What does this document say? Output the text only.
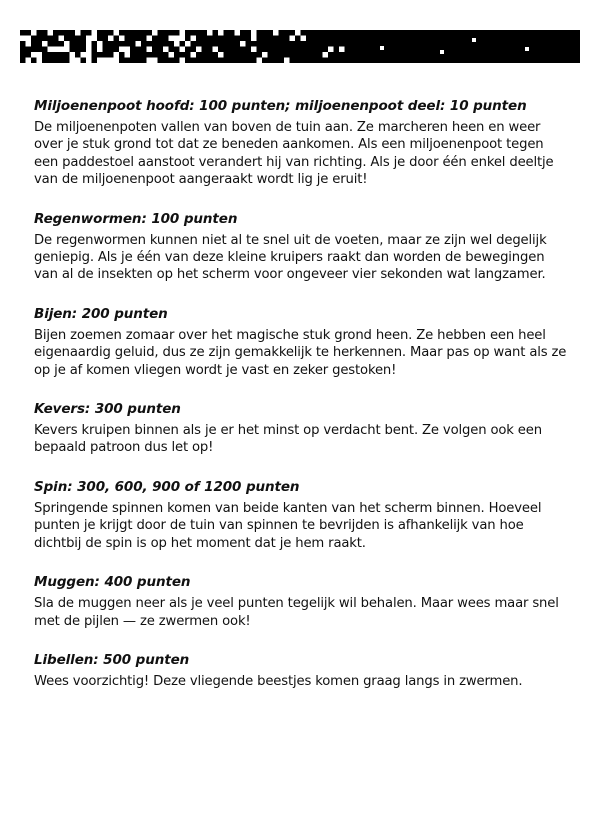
Miljoenenpoot hoofd: 100 punten; miljoenenpoot deel: 10 punten

De miljoenenpoten vallen van boven de tuin aan. Ze marcheren heen en weer over je stuk grond tot dat ze beneden aankomen. Als een miljoenenpoot tegen een paddestoel aanstoot verandert hij van richting. Als je door één enkel deeltje van de miljoenenpoot aangeraakt wordt lig je eruit!

Regenwormen: 100 punten

De regenwormen kunnen niet al te snel uit de voeten, maar ze zijn wel degelijk geniepig. Als je één van deze kleine kruipers raakt dan worden de bewegingen van al de insekten op het scherm voor ongeveer vier sekonden wat langzamer.

Bijen: 200 punten

Bijen zoemen zomaar over het magische stuk grond heen. Ze hebben een heel eigenaardig geluid, dus ze zijn gemakkelijk te herkennen. Maar pas op want als ze op je af komen vliegen wordt je vast en zeker gestoken!

Kevers: 300 punten

Kevers kruipen binnen als je er het minst op verdacht bent. Ze volgen ook een bepaald patroon dus let op!

Spin: 300, 600, 900 of 1200 punten

Springende spinnen komen van beide kanten van het scherm binnen. Hoeveel punten je krijgt door de tuin van spinnen te bevrijden is afhankelijk van hoe dichtbij de spin is op het moment dat je hem raakt.

Muggen: 400 punten

Sla de muggen neer als je veel punten tegelijk wil behalen. Maar wees maar snel met de pijlen — ze zwermen ook!

Libellen: 500 punten

Wees voorzichtig! Deze vliegende beestjes komen graag langs in zwermen.
